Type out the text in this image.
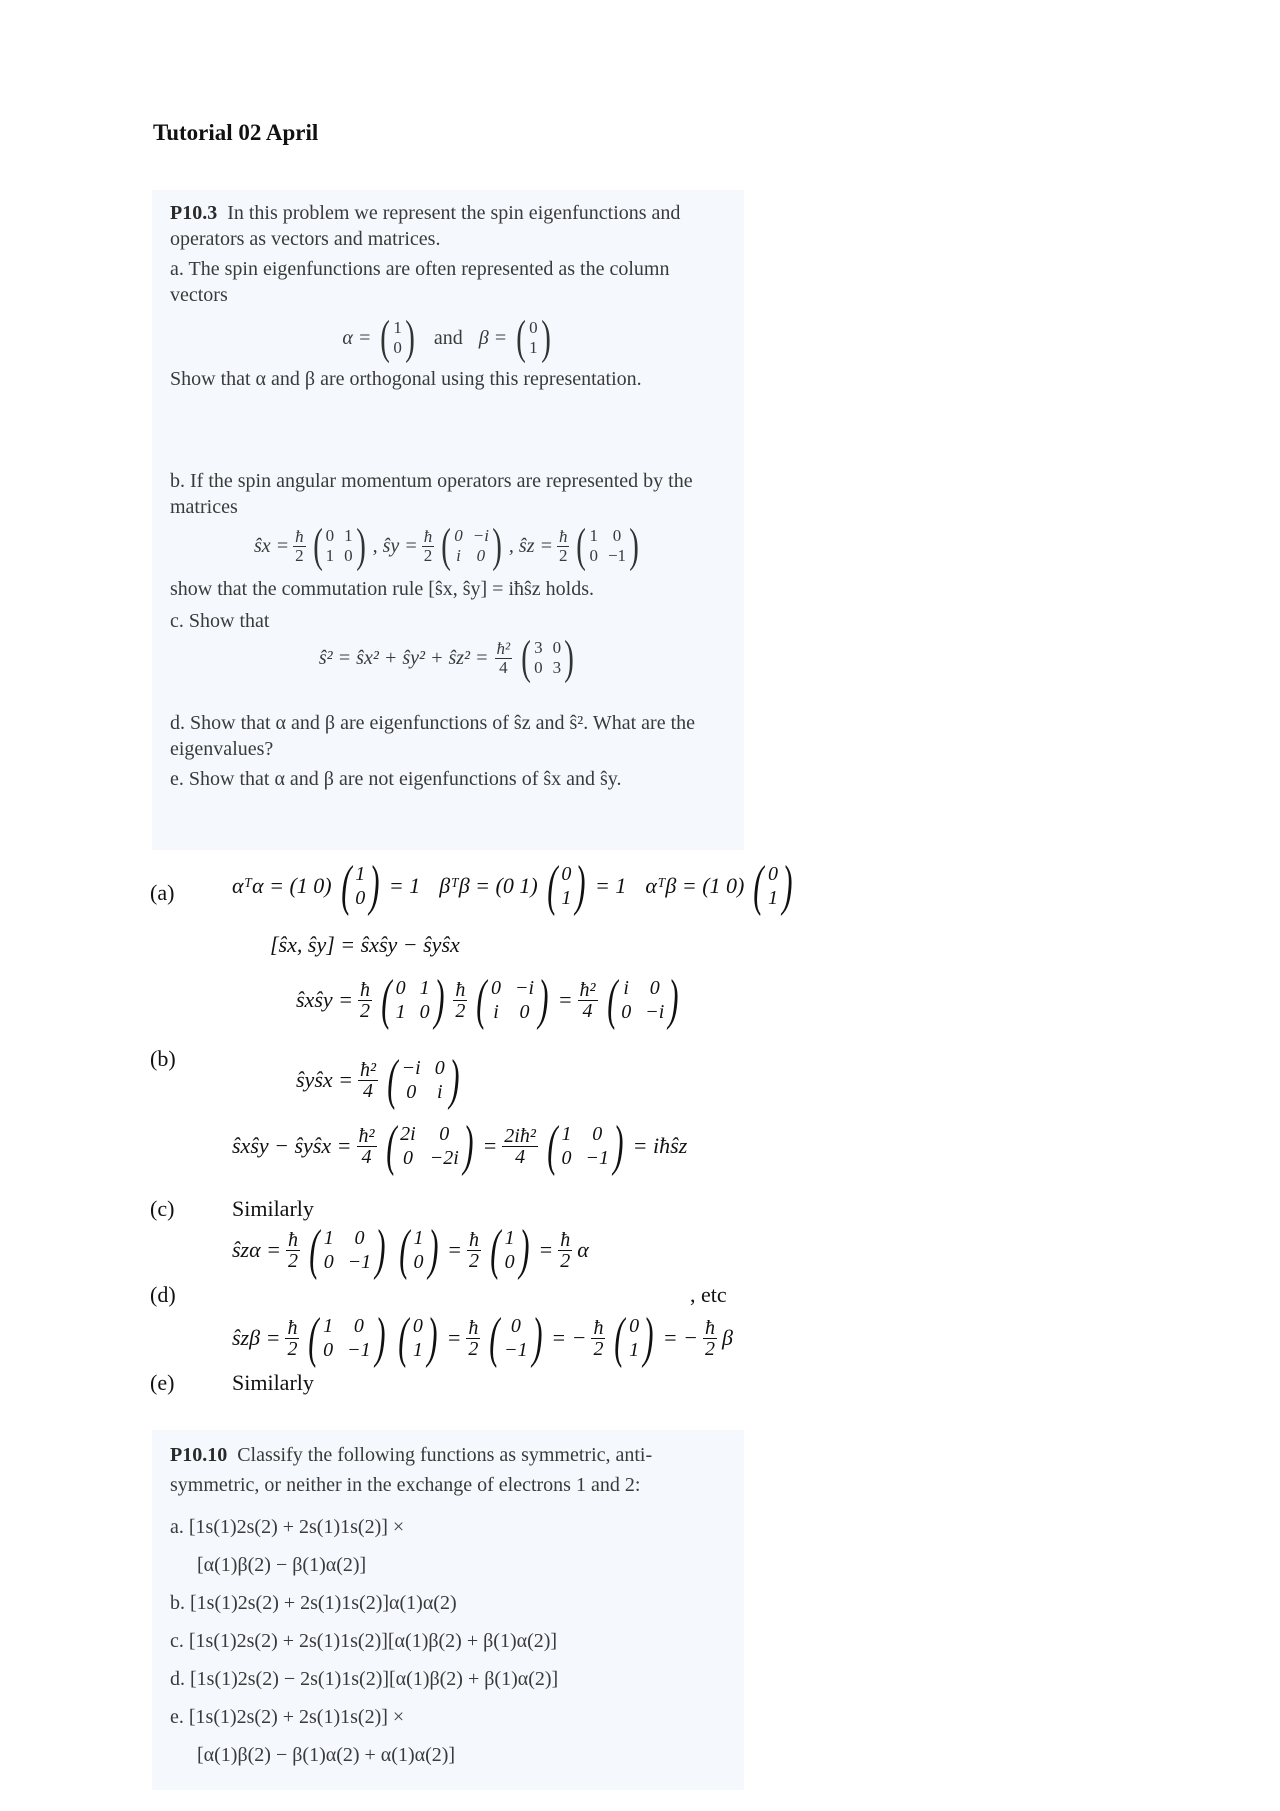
Tutorial 02 April

P10.3 In this problem we represent the spin eigenfunctions and operators as vectors and matrices.

a. The spin eigenfunctions are often represented as the column vectors

α = ( 1
0 ) and β = ( 0
1 )

Show that α and β are orthogonal using this representation.

b. If the spin angular momentum operators are represented by the matrices

ŝx = $\frac{ħ}{2}$ ( 0 1
1 0 ) , ŝy = $\frac{ħ}{2}$ ( 0 −i
i 0 ) , ŝz = $\frac{ħ}{2}$ ( 1 0
0 −1 )

show that the commutation rule [ŝx, ŝy] = iħŝz holds.

c. Show that

ŝ² = ŝx² + ŝy² + ŝz² = $\frac{\text{ħ²}}{4}$ ( 3 0
0 3 )

d. Show that α and β are eigenfunctions of ŝz and ŝ². What are the eigenvalues?

e. Show that α and β are not eigenfunctions of ŝx and ŝy.

(a)
(b)
(c)
(d)
(e)
αᵀα = (1 0) ( 1
0 ) = 1 βᵀβ = (0 1) ( 0
1 ) = 1 αᵀβ = (1 0) ( 0
1 )
[ŝx, ŝy] = ŝxŝy − ŝyŝx
ŝxŝy = $\frac{ħ}{2}$ ( 0 1
1 0 ) $\frac{ħ}{2}$ ( 0 −i
i 0 ) = $\frac{\text{ħ²}}{4}$ ( i 0
0 −i )
ŝyŝx = $\frac{\text{ħ²}}{4}$ ( −i 0
0 i )
ŝxŝy − ŝyŝx = $\frac{\text{ħ²}}{4}$ ( 2i	0
0 −2i ) = $\frac{\text{2iħ²}}{4}$ ( 1	0
0 −1 ) = iħŝz
Similarly
ŝzα = $\frac{ħ}{2}$ ( 1	0
0 −1 ) ( 1
0 ) = $\frac{ħ}{2}$ ( 1
0 ) = $\frac{ħ}{2}$ α
, etc
ŝzβ = $\frac{ħ}{2}$ ( 1	0
0 −1 ) ( 0
1 ) = $\frac{ħ}{2}$ ( 0
−1 ) = − $\frac{ħ}{2}$ ( 0
1 ) = − $\frac{ħ}{2}$ β
Similarly

P10.10 Classify the following functions as symmetric, anti-symmetric, or neither in the exchange of electrons 1 and 2:

a. [1s(1)2s(2) + 2s(1)1s(2)] ×

[α(1)β(2) − β(1)α(2)]

b. [1s(1)2s(2) + 2s(1)1s(2)]α(1)α(2)

c. [1s(1)2s(2) + 2s(1)1s(2)][α(1)β(2) + β(1)α(2)]

d. [1s(1)2s(2) − 2s(1)1s(2)][α(1)β(2) + β(1)α(2)]

e. [1s(1)2s(2) + 2s(1)1s(2)] ×

[α(1)β(2) − β(1)α(2) + α(1)α(2)]
